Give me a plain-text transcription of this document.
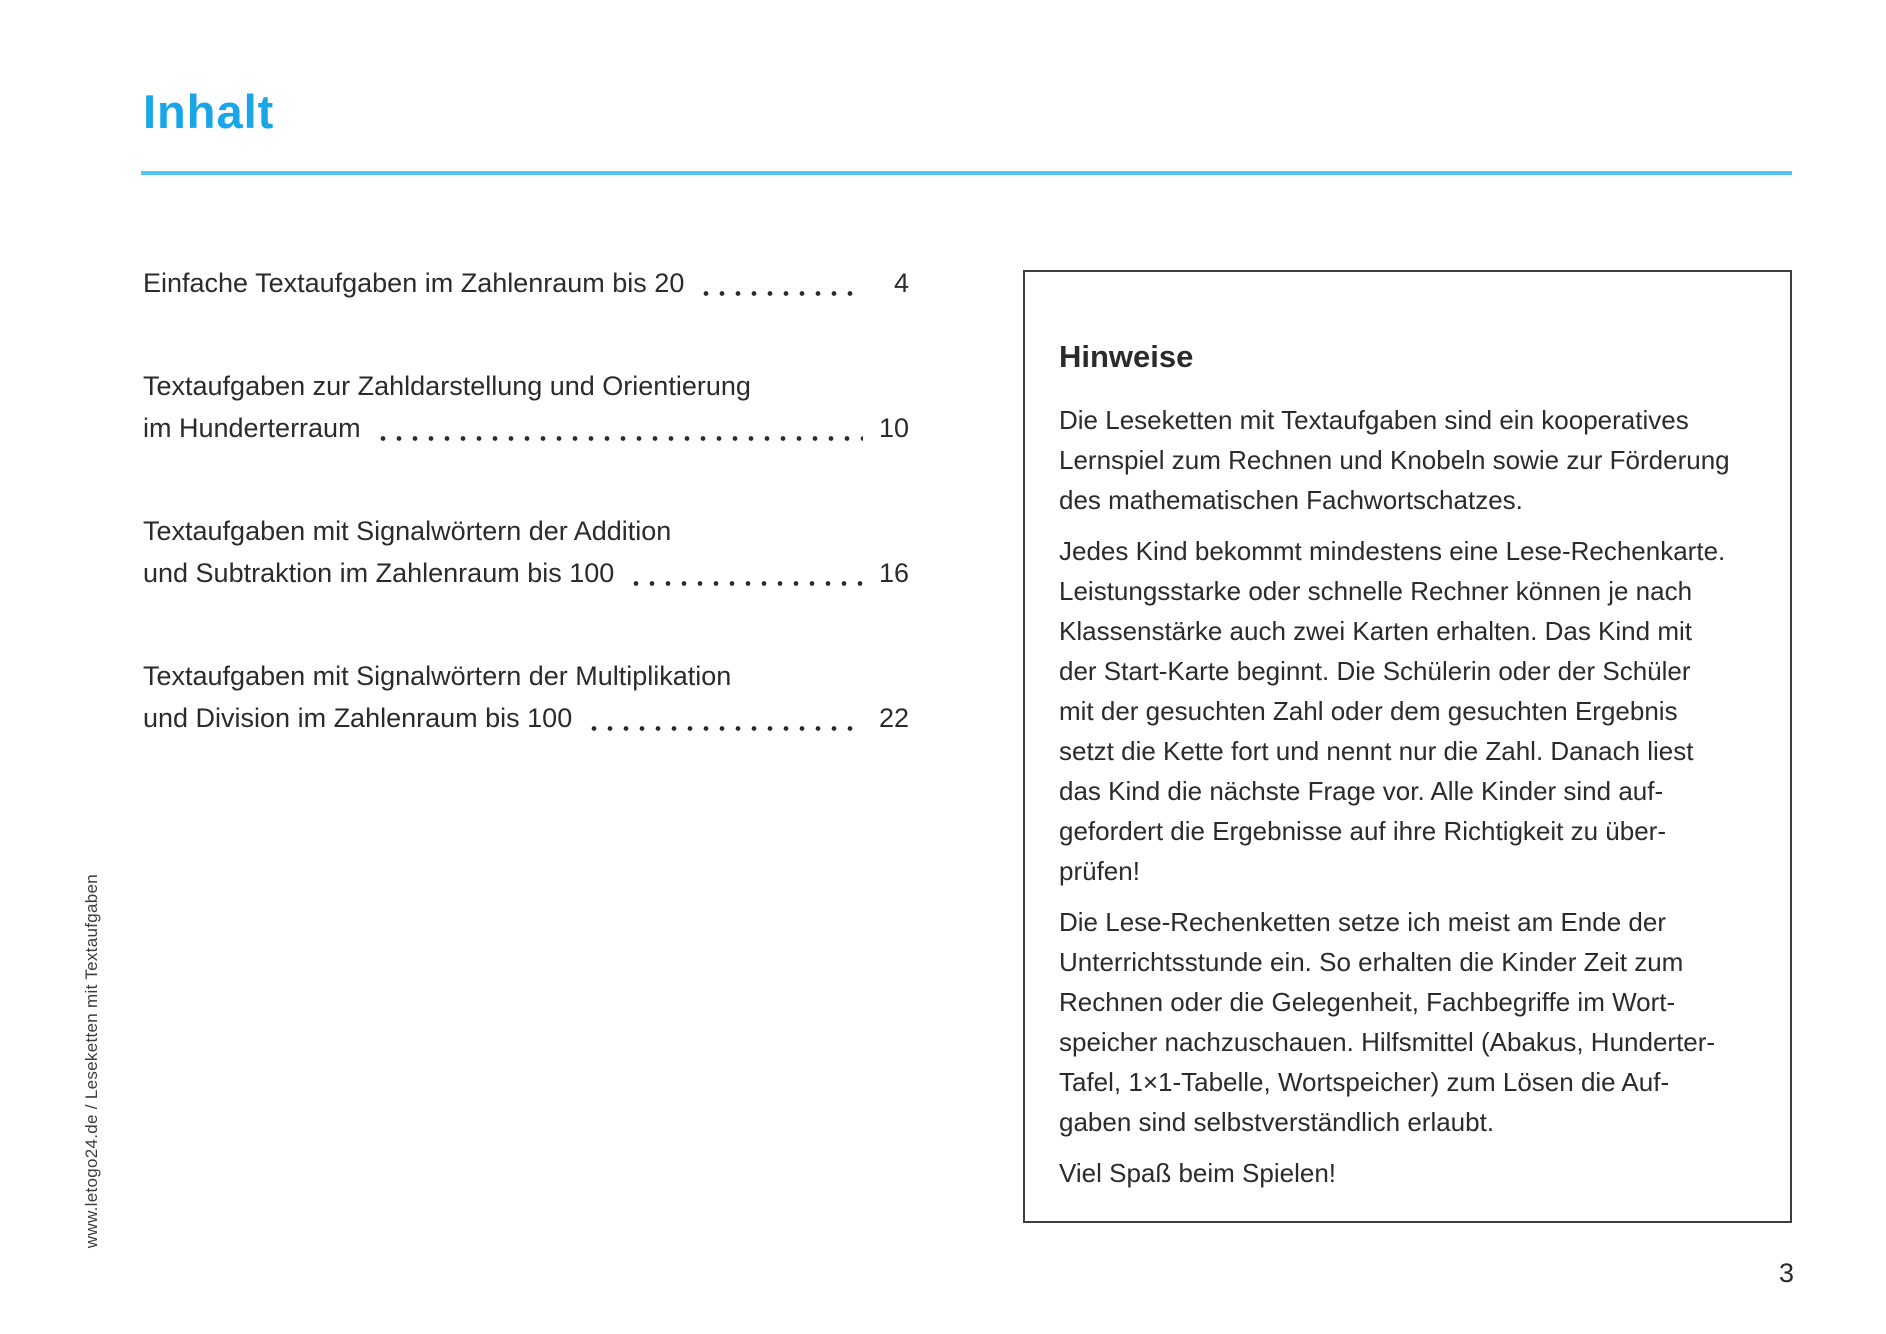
Inhalt
Einfache Textaufgaben im Zahlenraum bis 20	4
Textaufgaben zur Zahldarstellung und Orientierung
im Hunderterraum	10
Textaufgaben mit Signalwörtern der Addition
und Subtraktion im Zahlenraum bis 100	16
Textaufgaben mit Signalwörtern der Multiplikation
und Division im Zahlenraum bis 100	22
Hinweise
Die Leseketten mit Textaufgaben sind ein kooperatives
Lernspiel zum Rechnen und Knobeln sowie zur Förderung
des mathematischen Fachwortschatzes.
Jedes Kind bekommt mindestens eine Lese-Rechenkarte.
Leistungsstarke oder schnelle Rechner können je nach
Klassenstärke auch zwei Karten erhalten. Das Kind mit
der Start-Karte beginnt. Die Schülerin oder der Schüler
mit der gesuchten Zahl oder dem gesuchten Ergebnis
setzt die Kette fort und nennt nur die Zahl. Danach liest
das Kind die nächste Frage vor. Alle Kinder sind auf-
gefordert die Ergebnisse auf ihre Richtigkeit zu über-
prüfen!
Die Lese-Rechenketten setze ich meist am Ende der
Unterrichtsstunde ein. So erhalten die Kinder Zeit zum
Rechnen oder die Gelegenheit, Fachbegriffe im Wort-
speicher nachzuschauen. Hilfsmittel (Abakus, Hunderter-
Tafel, 1×1-Tabelle, Wortspeicher) zum Lösen die Auf-
gaben sind selbstverständlich erlaubt.
Viel Spaß beim Spielen!
www.letogo24.de / Leseketten mit Textaufgaben
3
